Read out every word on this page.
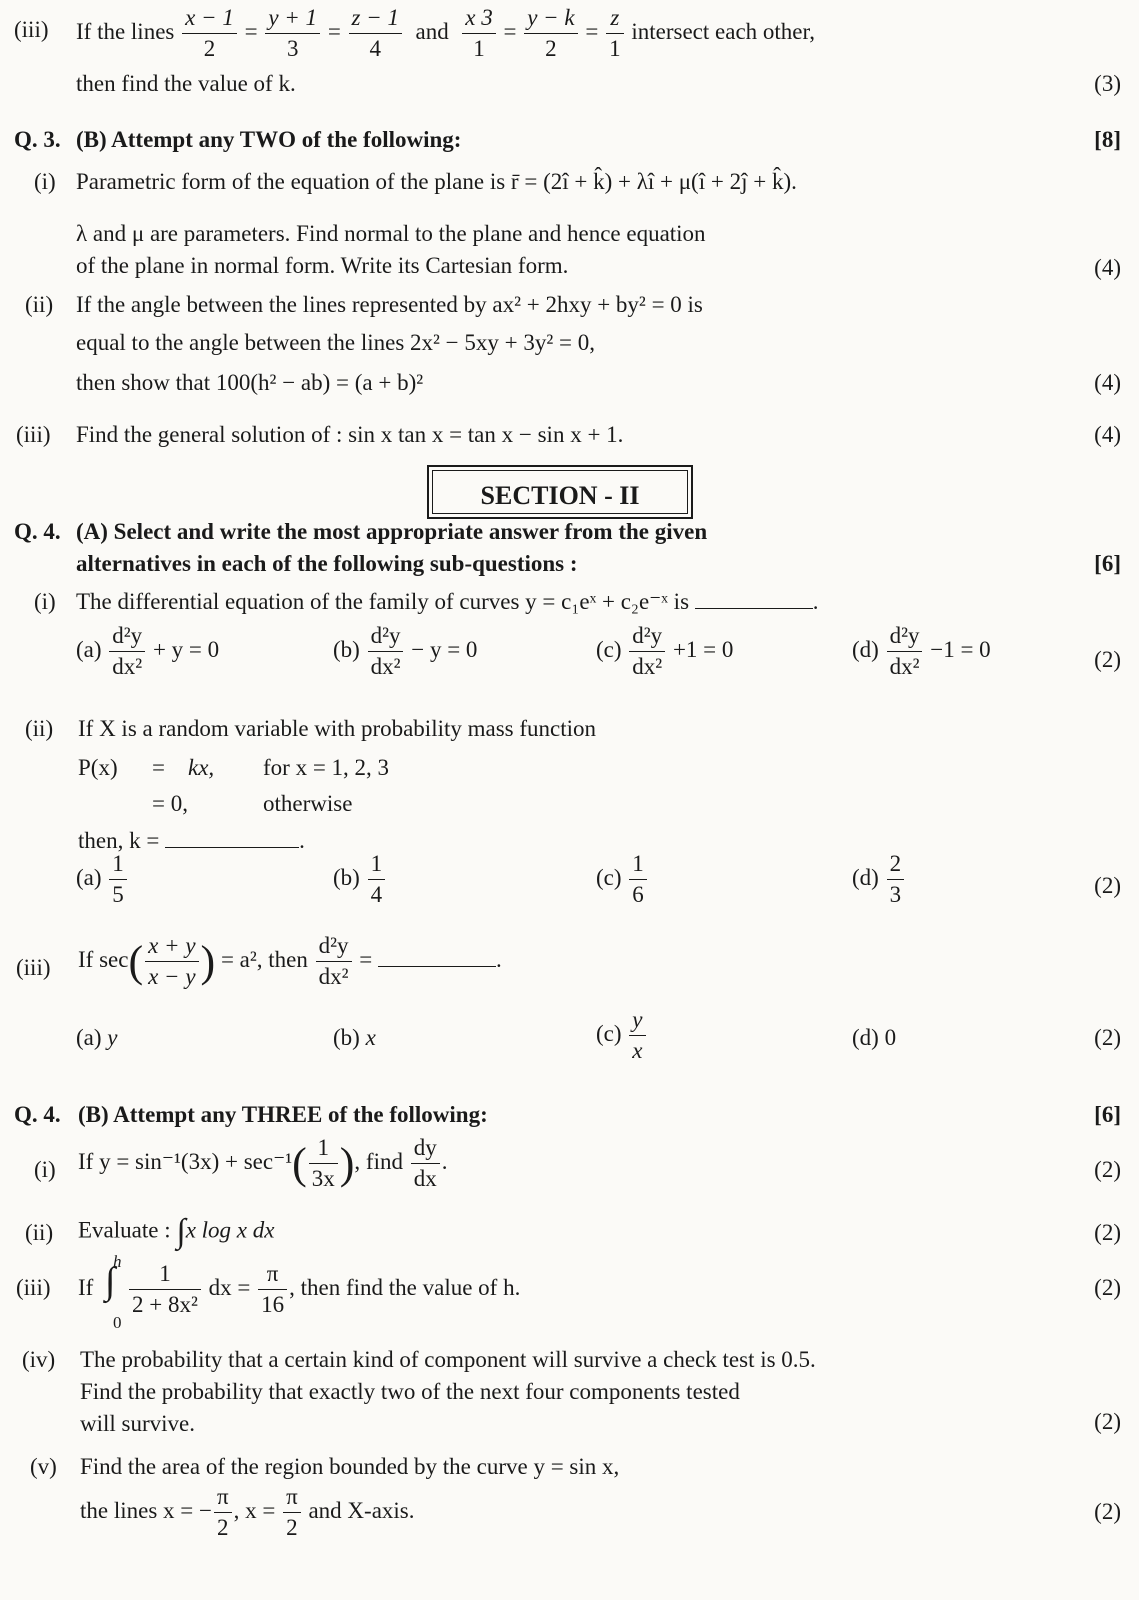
(iii) If the lines $\frac{x - 1}{2} = \frac{y + 1}{3} = \frac{z - 1}{4}$ and $\frac{x 3}{1} = \frac{y - k}{2} = \frac{z}{1}$ intersect each other,
then find the value of k.	(3)
Q. 3. (B) Attempt any TWO of the following:	[8]
(i) Parametric form of the equation of the plane is r̄ = (2î + k̂) + λî + μ(î + 2ĵ + k̂).
λ and μ are parameters. Find normal to the plane and hence equation
of the plane in normal form. Write its Cartesian form.	(4)
(ii) If the angle between the lines represented by ax² + 2hxy + by² = 0 is
equal to the angle between the lines 2x² − 5xy + 3y² = 0,
then show that 100(h² − ab) = (a + b)²	(4)
(iii) Find the general solution of : sin x tan x = tan x − sin x + 1.	(4)
SECTION - II
Q. 4. (A) Select and write the most appropriate answer from the given
alternatives in each of the following sub-questions :	[6]
(i) The differential equation of the family of curves y = c₁eˣ + c₂e⁻ˣ is	.
$(a) \frac{\text{d²y}}{\text{dx²}} + y = 0$	$(b) \frac{\text{d²y}}{\text{dx²}} - y = 0$	$(c) \frac{\text{d²y}}{\text{dx²}} +1 = 0$	$(d) \frac{\text{d²y}}{\text{dx²}} -1 = 0$	(2)
(ii) If X is a random variable with probability mass function
P(x) = kx, for x = 1, 2, 3
= 0,	otherwise
then, k =	.
$(a) \frac{1}{5}$	$(b) \frac{1}{4}$	$(c) \frac{1}{6}$	$(d) \frac{2}{3}$	(2)
(iii) If $\sec( \frac{x + y}{x - y}$ ) = a², then $\frac{\text{d²y}}{\text{dx²}}$ =	.
(a) y	(b) x	$(c) \frac{y}{x}$	(d) 0	(2)
Q. 4. (B) Attempt any THREE of the following:	[6]
(i) If $y = \sin^{-1}(3x) + \sec^{-1}( \frac{1}{3x}$ ), find $\frac{dy}{dx}$ .	(2)
(ii) Evaluate : ∫x log x dx	(2)
(iii) If
h
∫
0
$\frac{1}{\text{2 + 8x²}}$ dx = $\frac{\pi}{16}$ , then find the value of h.	(2)
(iv) The probability that a certain kind of component will survive a check test is 0.5.
Find the probability that exactly two of the next four components tested
will survive.	(2)
(v) Find the area of the region bounded by the curve y = sin x,
the lines x = − $\frac{\pi}{2}$ , $x = \frac{\pi}{2}$ and X-axis.	(2)
